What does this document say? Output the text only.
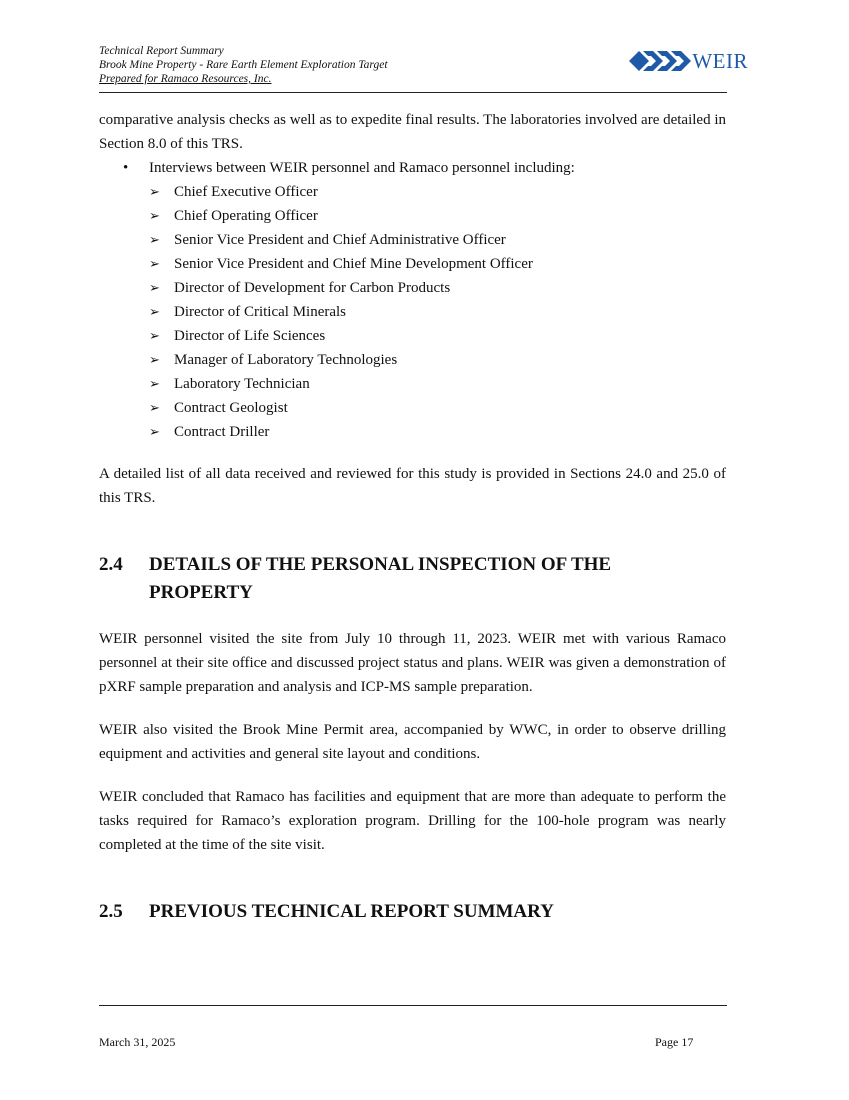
Technical Report Summary
Brook Mine Property - Rare Earth Element Exploration Target
Prepared for Ramaco Resources, Inc.
WEIR

comparative analysis checks as well as to expedite final results. The laboratories involved are detailed in Section 8.0 of this TRS.

• Interviews between WEIR personnel and Ramaco personnel including:
➢ Chief Executive Officer
➢ Chief Operating Officer
➢ Senior Vice President and Chief Administrative Officer
➢ Senior Vice President and Chief Mine Development Officer
➢ Director of Development for Carbon Products
➢ Director of Critical Minerals
➢ Director of Life Sciences
➢ Manager of Laboratory Technologies
➢ Laboratory Technician
➢ Contract Geologist
➢ Contract Driller

A detailed list of all data received and reviewed for this study is provided in Sections 24.0 and 25.0 of this TRS.

2.4 DETAILS OF THE PERSONAL INSPECTION OF THE
PROPERTY

WEIR personnel visited the site from July 10 through 11, 2023. WEIR met with various Ramaco personnel at their site office and discussed project status and plans. WEIR was given a demonstration of pXRF sample preparation and analysis and ICP-MS sample preparation.

WEIR also visited the Brook Mine Permit area, accompanied by WWC, in order to observe drilling equipment and activities and general site layout and conditions.

WEIR concluded that Ramaco has facilities and equipment that are more than adequate to perform the tasks required for Ramaco’s exploration program. Drilling for the 100-hole program was nearly completed at the time of the site visit.

2.5 PREVIOUS TECHNICAL REPORT SUMMARY
March 31, 2025	Page 17
